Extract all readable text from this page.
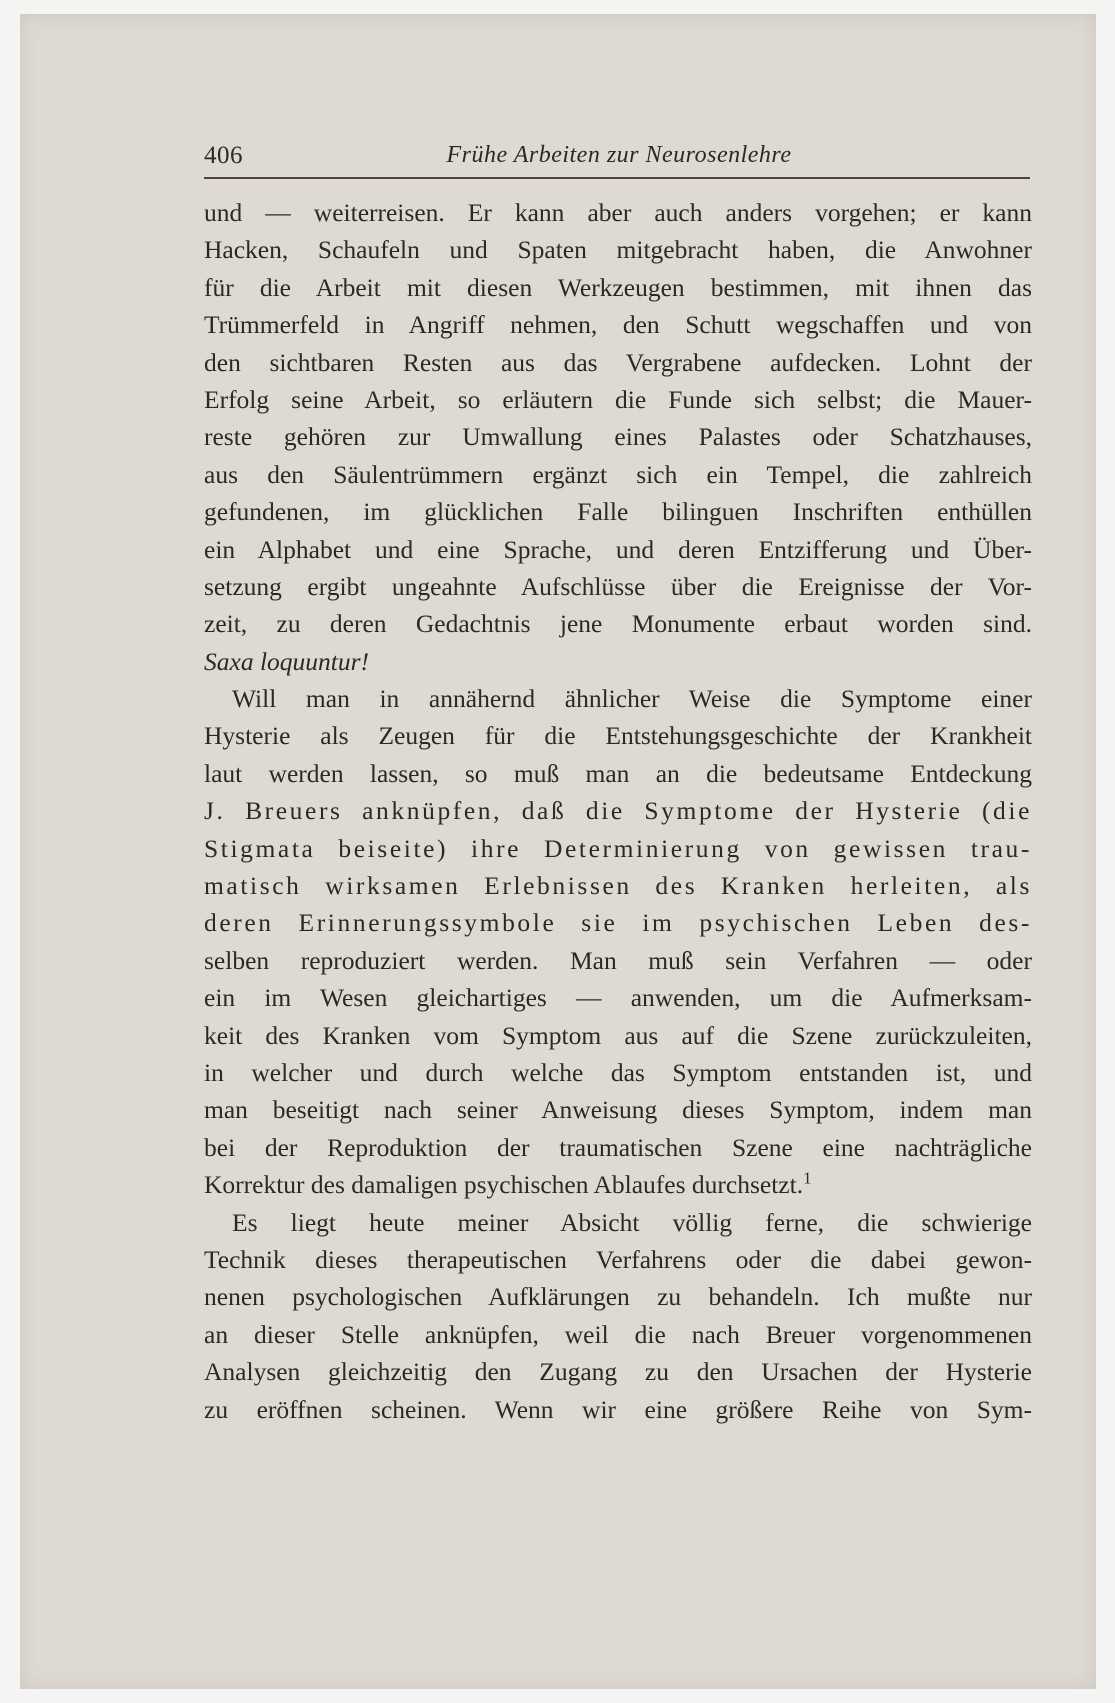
406	Frühe Arbeiten zur Neurosenlehre
und — weiterreisen. Er kann aber auch anders vorgehen; er kann
Hacken, Schaufeln und Spaten mitgebracht haben, die Anwohner
für die Arbeit mit diesen Werkzeugen bestimmen, mit ihnen das
Trümmerfeld in Angriff nehmen, den Schutt wegschaffen und von
den sichtbaren Resten aus das Vergrabene aufdecken. Lohnt der
Erfolg seine Arbeit, so erläutern die Funde sich selbst; die Mauer-
reste gehören zur Umwallung eines Palastes oder Schatzhauses,
aus den Säulentrümmern ergänzt sich ein Tempel, die zahlreich
gefundenen, im glücklichen Falle bilinguen Inschriften enthüllen
ein Alphabet und eine Sprache, und deren Entzifferung und Über-
setzung ergibt ungeahnte Aufschlüsse über die Ereignisse der Vor-
zeit, zu deren Gedachtnis jene Monumente erbaut worden sind.
Saxa loquuntur!
Will man in annähernd ähnlicher Weise die Symptome einer
Hysterie als Zeugen für die Entstehungsgeschichte der Krankheit
laut werden lassen, so muß man an die bedeutsame Entdeckung
J. Breuers anknüpfen, daß die Symptome der Hysterie (die
Stigmata beiseite) ihre Determinierung von gewissen trau-
matisch wirksamen Erlebnissen des Kranken herleiten, als
deren Erinnerungssymbole sie im psychischen Leben des-
selben reproduziert werden. Man muß sein Verfahren — oder
ein im Wesen gleichartiges — anwenden, um die Aufmerksam-
keit des Kranken vom Symptom aus auf die Szene zurückzuleiten,
in welcher und durch welche das Symptom entstanden ist, und
man beseitigt nach seiner Anweisung dieses Symptom, indem man
bei der Reproduktion der traumatischen Szene eine nachträgliche
Korrektur des damaligen psychischen Ablaufes durchsetzt.$^1$
Es liegt heute meiner Absicht völlig ferne, die schwierige
Technik dieses therapeutischen Verfahrens oder die dabei gewon-
nenen psychologischen Aufklärungen zu behandeln. Ich mußte nur
an dieser Stelle anknüpfen, weil die nach Breuer vorgenommenen
Analysen gleichzeitig den Zugang zu den Ursachen der Hysterie
zu eröffnen scheinen. Wenn wir eine größere Reihe von Sym-
